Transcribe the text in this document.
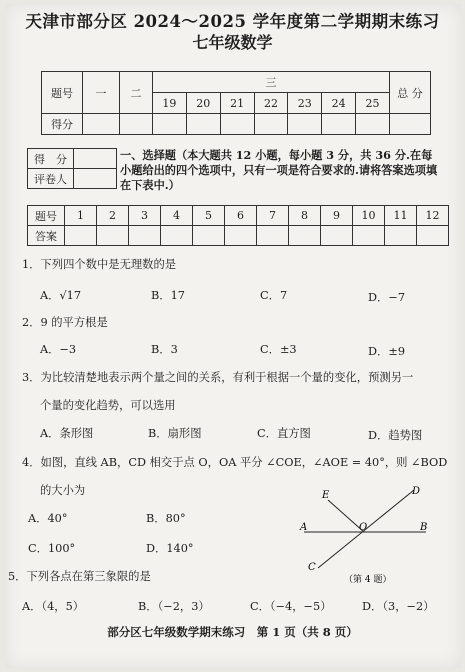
天津市部分区 2024～2025 学年度第二学期期末练习
七年级数学
题号	一	二	三							总 分
			19	20	21	22	23	24	25	
得分										
得　分	
评卷人	
一、选择题（本大题共 12 小题，每小题 3 分，共 36 分.在每小题给出的四个选项中，只有一项是符合要求的.请将答案选项填在下表中.）
题号	1	2	3	4	5	6	7	8	9	10	11	12
答案												
1．下列四个数中是无理数的是
A．√17	B．17	C．7	D．−7
2．9 的平方根是
A．−3	B．3	C．±3	D．±9
3．为比较清楚地表示两个量之间的关系，有利于根据一个量的变化，预测另一
个量的变化趋势，可以选用
A．条形图	B．扇形图	C．直方图	D．趋势图
4．如图，直线 AB，CD 相交于点 O，OA 平分 ∠COE，∠AOE = 40°，则 ∠BOD
的大小为
A．40°	B．80°
C．100°	D．140°
E	D
A	O	B
C
（第 4 题）
5．下列各点在第三象限的是
A．（4，5）	B．（−2，3）	C．（−4，−5）	D．（3，−2）
部分区七年级数学期末练习　第 1 页（共 8 页）
